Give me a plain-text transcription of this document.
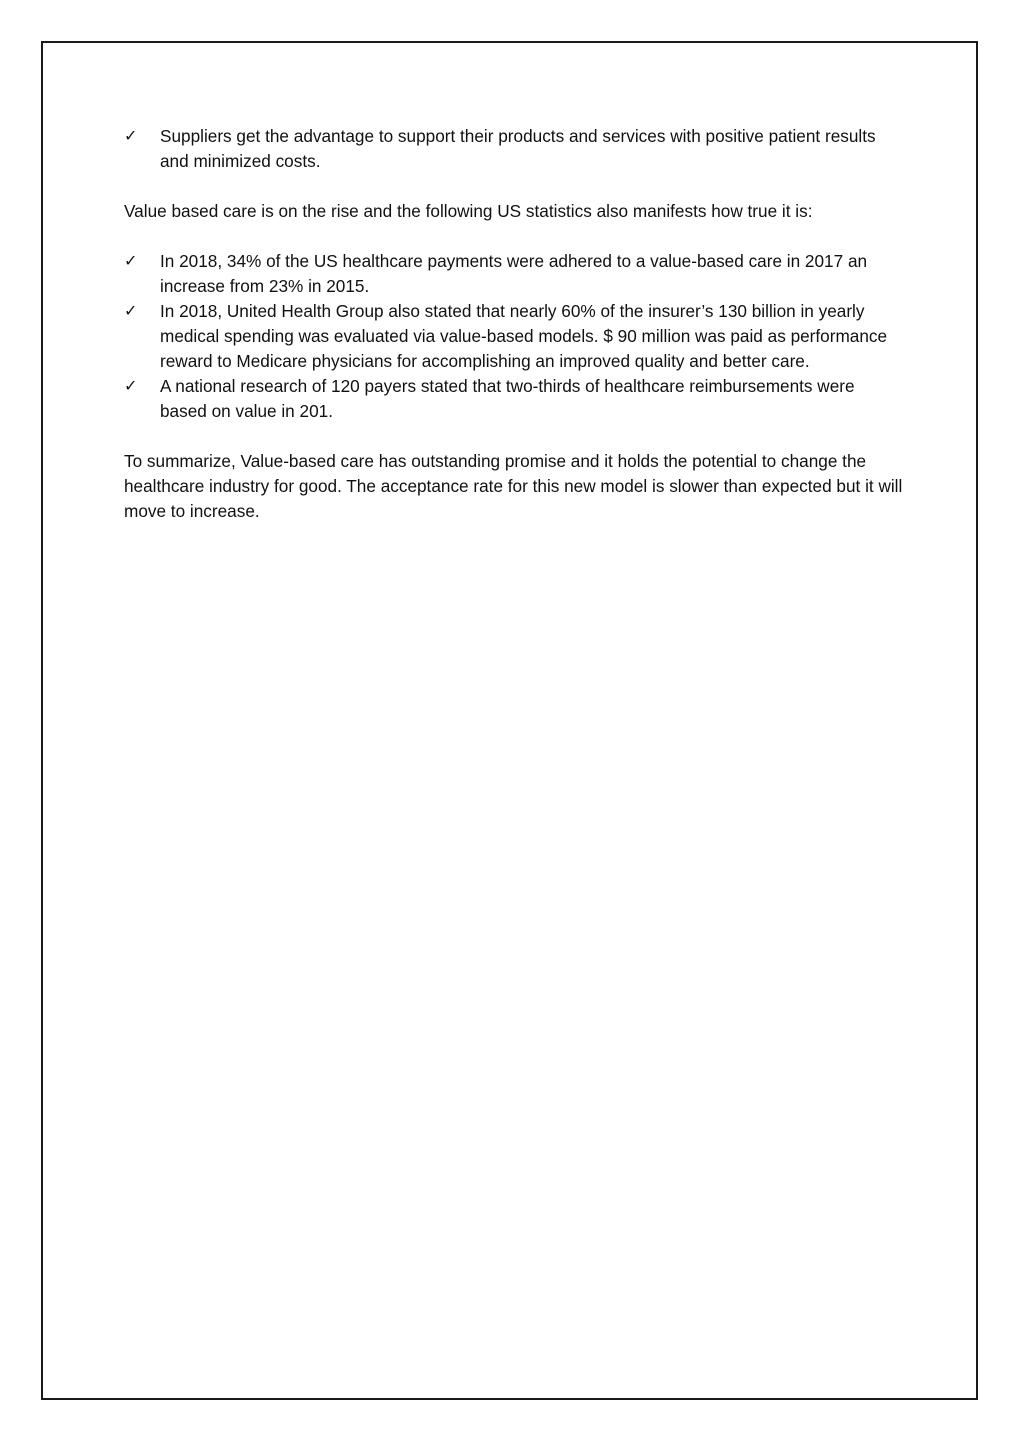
✓	Suppliers get the advantage to support their products and services with positive patient results and minimized costs.

Value based care is on the rise and the following US statistics also manifests how true it is:

✓	In 2018, 34% of the US healthcare payments were adhered to a value-based care in 2017 an increase from 23% in 2015.
✓	In 2018, United Health Group also stated that nearly 60% of the insurer’s 130 billion in yearly medical spending was evaluated via value-based models. $ 90 million was paid as performance reward to Medicare physicians for accomplishing an improved quality and better care.
✓	A national research of 120 payers stated that two-thirds of healthcare reimbursements were based on value in 201.

To summarize, Value-based care has outstanding promise and it holds the potential to change the healthcare industry for good. The acceptance rate for this new model is slower than expected but it will move to increase.
